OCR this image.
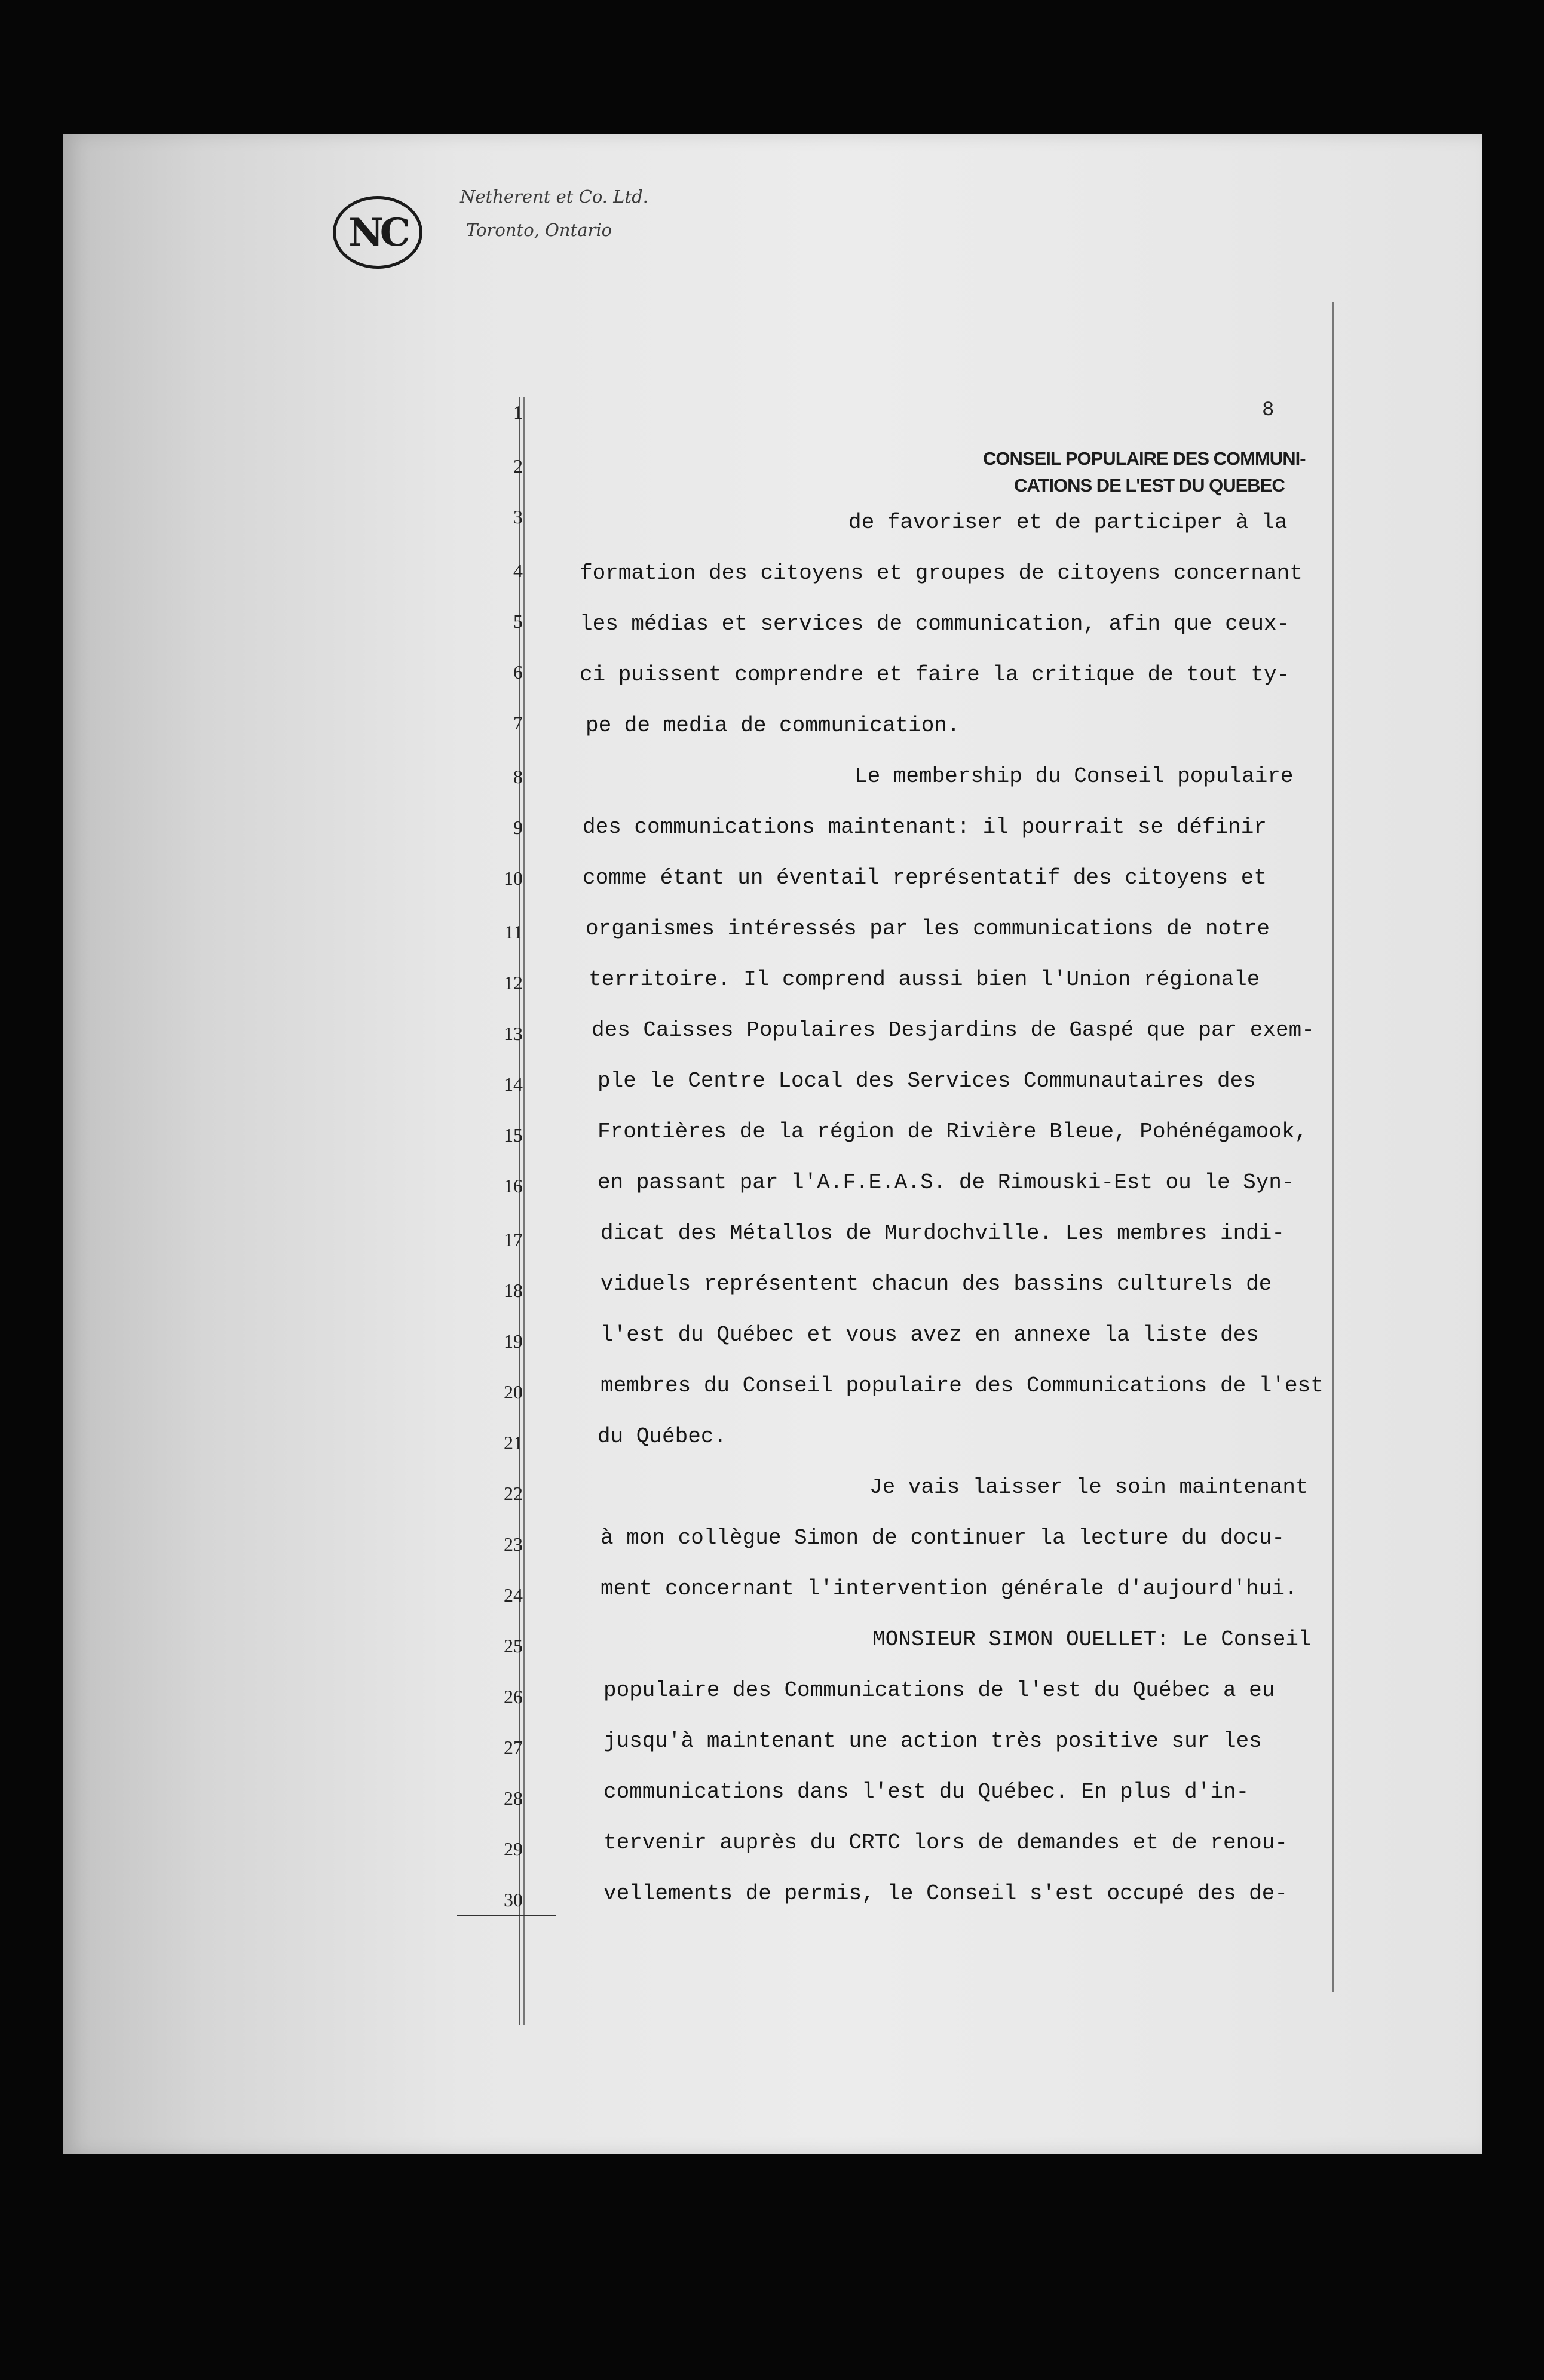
NC
Netherent et Co. Ltd.
Toronto, Ontario
1
2
3
4
5
6
7
8
9
10
11
12
13
14
15
16
17
18
19
20
21
22
23
24
25
26
27
28
29
30
8
CONSEIL POPULAIRE DES COMMUNI-
CATIONS DE L'EST DU QUEBEC
de favoriser et de participer à la
formation des citoyens et groupes de citoyens concernant
les médias et services de communication, afin que ceux-
ci puissent comprendre et faire la critique de tout ty-
pe de media de communication.
Le membership du Conseil populaire
des communications maintenant: il pourrait se définir
comme étant un éventail représentatif des citoyens et
organismes intéressés par les communications de notre
territoire. Il comprend aussi bien l'Union régionale
des Caisses Populaires Desjardins de Gaspé que par exem-
ple le Centre Local des Services Communautaires des
Frontières de la région de Rivière Bleue, Pohénégamook,
en passant par l'A.F.E.A.S. de Rimouski-Est ou le Syn-
dicat des Métallos de Murdochville. Les membres indi-
viduels représentent chacun des bassins culturels de
l'est du Québec et vous avez en annexe la liste des
membres du Conseil populaire des Communications de l'est
du Québec.
Je vais laisser le soin maintenant
à mon collègue Simon de continuer la lecture du docu-
ment concernant l'intervention générale d'aujourd'hui.
MONSIEUR SIMON OUELLET: Le Conseil
populaire des Communications de l'est du Québec a eu
jusqu'à maintenant une action très positive sur les
communications dans l'est du Québec. En plus d'in-
tervenir auprès du CRTC lors de demandes et de renou-
vellements de permis, le Conseil s'est occupé des de-
